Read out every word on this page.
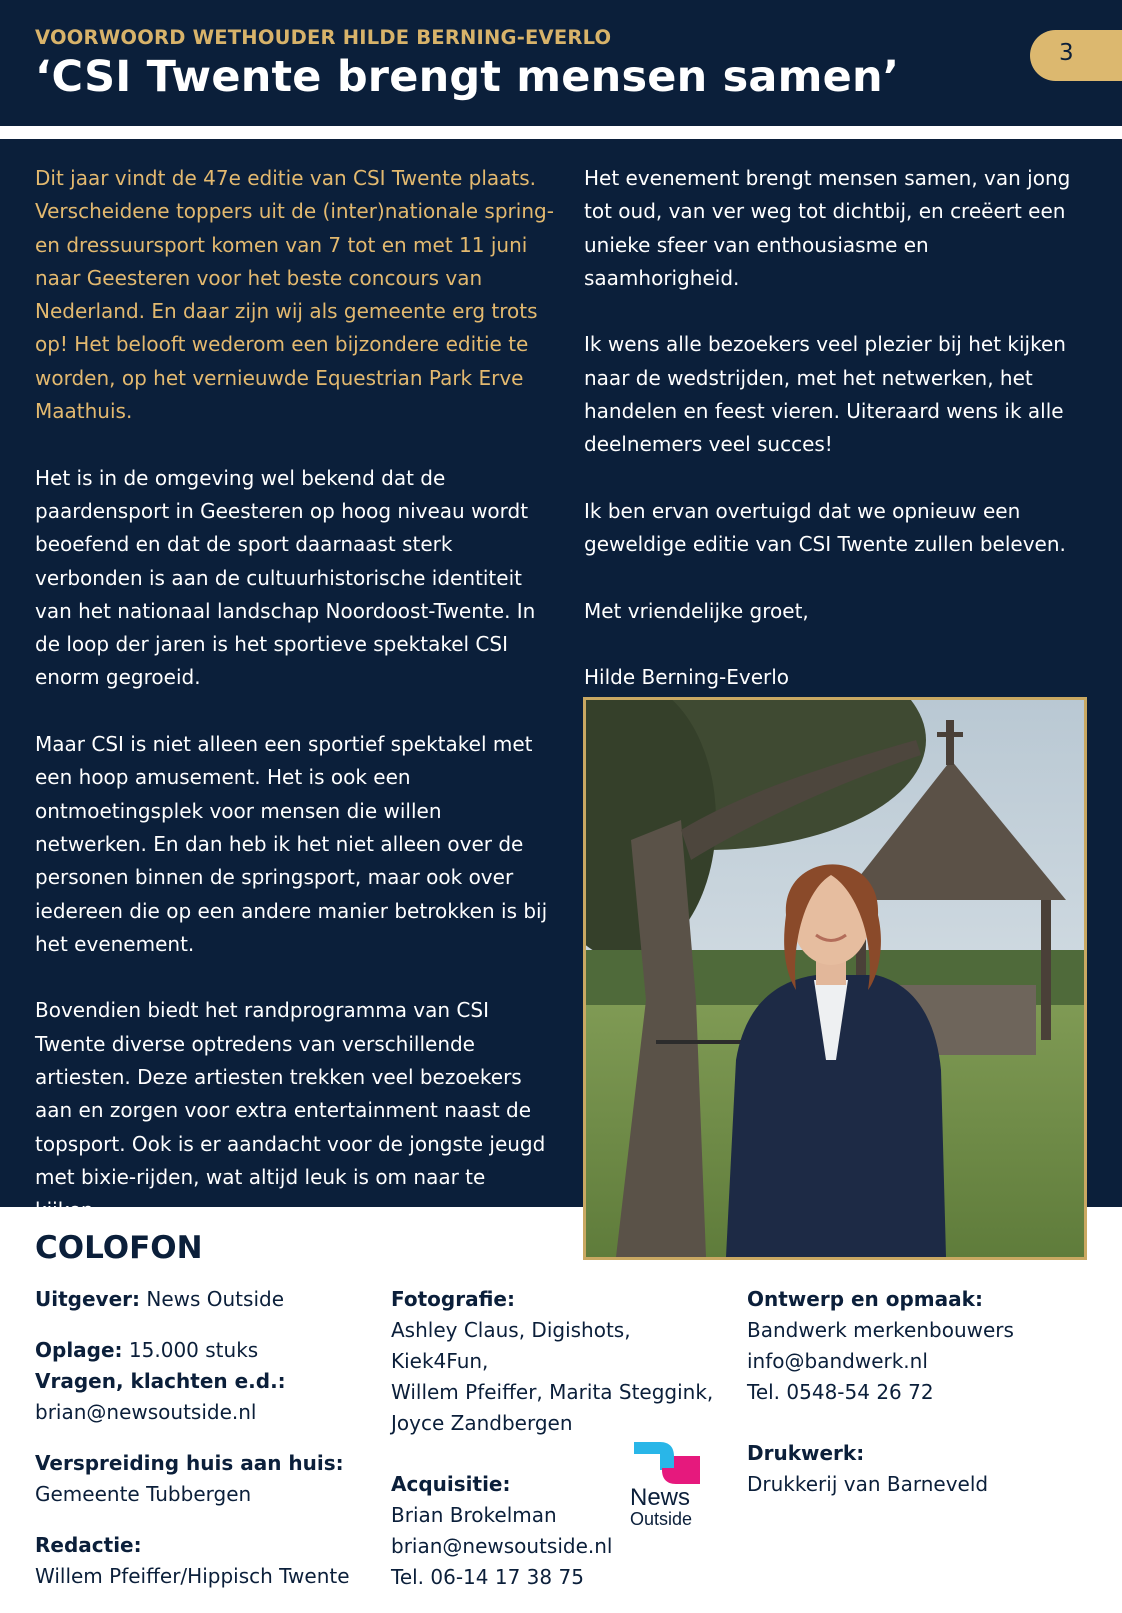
VOORWOORD WETHOUDER HILDE BERNING-EVERLO
‘CSI Twente brengt mensen samen’	3

Dit jaar vindt de 47e editie van CSI Twente plaats. Verscheidene toppers uit de (inter)nationale spring- en dressuursport komen van 7 tot en met 11 juni naar Geesteren voor het beste concours van Nederland. En daar zijn wij als gemeente erg trots op! Het belooft wederom een bijzondere editie te worden, op het vernieuwde Equestrian Park Erve Maathuis.

Het is in de omgeving wel bekend dat de paardensport in Geesteren op hoog niveau wordt beoefend en dat de sport daarnaast sterk verbonden is aan de cultuurhistorische identiteit van het nationaal landschap Noordoost-Twente. In de loop der jaren is het sportieve spektakel CSI enorm gegroeid.

Maar CSI is niet alleen een sportief spektakel met een hoop amusement. Het is ook een ontmoetingsplek voor mensen die willen netwerken. En dan heb ik het niet alleen over de personen binnen de springsport, maar ook over iedereen die op een andere manier betrokken is bij het evenement.

Bovendien biedt het randprogramma van CSI Twente diverse optredens van verschillende artiesten. Deze artiesten trekken veel bezoekers aan en zorgen voor extra entertainment naast de topsport. Ook is er aandacht voor de jongste jeugd met bixie-rijden, wat altijd leuk is om naar te kijken.

Het evenement brengt mensen samen, van jong tot oud, van ver weg tot dichtbij, en creëert een unieke sfeer van enthousiasme en saamhorigheid.

Ik wens alle bezoekers veel plezier bij het kijken naar de wedstrijden, met het netwerken, het handelen en feest vieren. Uiteraard wens ik alle deelnemers veel succes!

Ik ben ervan overtuigd dat we opnieuw een geweldige editie van CSI Twente zullen beleven.

Met vriendelijke groet,

Hilde Berning-Everlo

COLOFON
Uitgever: News Outside
Oplage: 15.000 stuks
Vragen, klachten e.d.:
brian@newsoutside.nl
Verspreiding huis aan huis:
Gemeente Tubbergen
Redactie:
Willem Pfeiffer/Hippisch Twente
Fotografie:
Ashley Claus, Digishots, Kiek4Fun,
Willem Pfeiffer, Marita Steggink,
Joyce Zandbergen
Acquisitie:
Brian Brokelman
brian@newsoutside.nl
Tel. 06-14 17 38 75
News
Outside
Ontwerp en opmaak:
Bandwerk merkenbouwers
info@bandwerk.nl
Tel. 0548-54 26 72
Drukwerk:
Drukkerij van Barneveld
